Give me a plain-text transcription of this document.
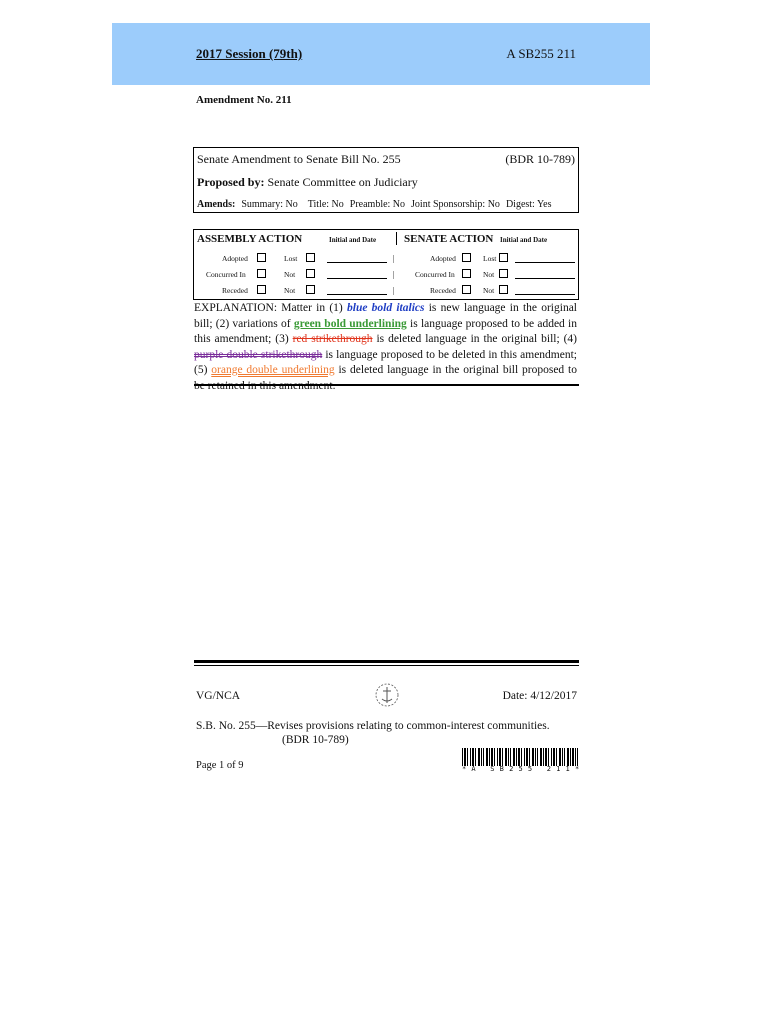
2017 Session (79th)	A SB255 211
Amendment No. 211
Senate Amendment to Senate Bill No. 255	(BDR 10-789)
Proposed by: Senate Committee on Judiciary
Amends: Summary: No Title: No Preamble: No Joint Sponsorship: No Digest: Yes
ASSEMBLY ACTION	Initial and Date	SENATE ACTION Initial and Date
Adopted	Lost	|	Adopted	Lost
Concurred In	Not	|	Concurred In	Not
Receded	Not	|	Receded	Not
EXPLANATION: Matter in (1) blue bold italics is new language in the original bill; (2) variations of green bold underlining is language proposed to be added in this amendment; (3) red strikethrough is deleted language in the original bill; (4) purple double strikethrough is language proposed to be deleted in this amendment; (5) orange double underlining is deleted language in the original bill proposed to
VG/NCA	Date: 4/12/2017
S.B. No. 255—Revises provisions relating to common-interest communities.
(BDR 10-789)
Page 1 of 9	*A SB255 211*
